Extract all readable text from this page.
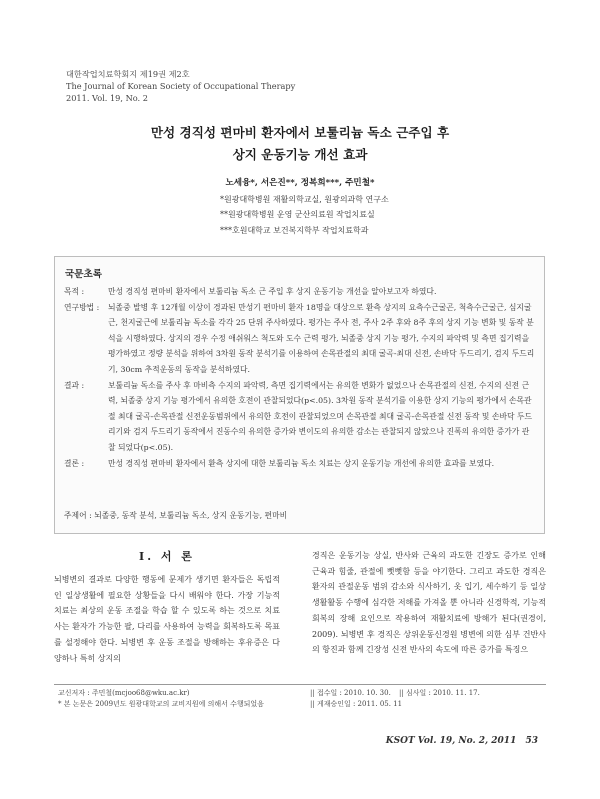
대한작업치료학회지 제19권 제2호
The Journal of Korean Society of Occupational Therapy
2011. Vol. 19, No. 2
만성 경직성 편마비 환자에서 보툴리늄 독소 근주입 후
상지 운동기능 개선 효과
노세융*, 서은진**, 정복희***, 주민철*
*원광대학병원 재활의학교실, 원광의과학 연구소
**원광대학병원 운영 군산의료원 작업치료실
***호원대학교 보건복지학부 작업치료학과
국문초록
목적 :	만성 경직성 편마비 환자에서 보툴리늄 독소 근 주입 후 상지 운동기능 개선을 알아보고자 하였다.
연구방법 : 뇌졸중 발병 후 12개월 이상이 경과된 만성기 편마비 환자 18명을 대상으로 환측 상지의 요측수근굴곤, 척측수근굴근, 심지굴근, 천지굴근에 보툴리늄 독소를 각각 25 단위 주사하였다. 평가는 주사 전, 주사 2주 후와 8주 후의 상지 기능 변화 및 동작 분석을 시행하였다. 상지의 경우 수정 애쉬워스 척도와 도수 근력 평가, 뇌졸중 상지 기능 평가, 수지의 파악력 및 측면 집기력을 평가하였고 정량 분석을 위하여 3차원 동작 분석기를 이용하여 손목관절의 최대 굴곡-최대 신전, 손바닥 두드리기, 검지 두드리기, 30cm 추적운동의 동작을 분석하였다.
결과 :	보툴리늄 독소를 주사 후 마비측 수지의 파악력, 측면 집기력에서는 유의한 변화가 없었으나 손목관절의 신전, 수지의 신전 근력, 뇌졸중 상지 기능 평가에서 유의한 호전이 관찰되었다(p<.05). 3차원 동작 분석기를 이용한 상지 기능의 평가에서 손목관절 최대 굴곡-손목관절 신전운동범위에서 유의한 호전이 관찰되었으며 손목관절 최대 굴곡-손목관절 신전 동작 및 손바닥 두드리기와 검지 두드리기 동작에서 진동수의 유의한 증가와 변이도의 유의한 감소는 관찰되지 않았으나 진폭의 유의한 증가가 관찰 되었다(p<.05).
결론 :	만성 경직성 편마비 환자에서 환측 상지에 대한 보툴리늄 독소 치료는 상지 운동기능 개선에 유의한 효과를 보였다.
주제어 : 뇌졸중, 동작 분석, 보툴리늄 독소, 상지 운동기능, 편마비
Ⅰ. 서 론
뇌병변의 결과로 다양한 행동에 문제가 생기면 환자들은 독립적인 일상생활에 필요한 상황들을 다시 배워야 한다. 가장 기능적 치료는 최상의 운동 조절을 학습 할 수 있도록 하는 것으로 치료사는 환자가 가능한 팔, 다리를 사용하여 능력을 회복하도록 목표를 설정해야 한다. 뇌병변 후 운동 조절을 방해하는 후유증은 다양하나 특히 상지의
경직은 운동기능 상실, 반사와 근육의 과도한 긴장도 증가로 인해 근육과 힘줄, 관절에 뻣뻣함 등을 야기한다. 그리고 과도한 경직은 환자의 관절운동 범위 감소와 식사하기, 옷 입기, 세수하기 등 일상생활활동 수행에 심각한 저해를 가져올 뿐 아니라 신경학적, 기능적 회복의 장해 요인으로 작용하여 재활치료에 방해가 된다(권경이, 2009). 뇌병변 후 경직은 상위운동신경원 병변에 의한 심부 건반사의 항진과 함께 긴장성 신전 반사의 속도에 따른 증가를 특징으
교신저자 : 주민철(mcjoo68@wku.ac.kr)
* 본 논문은 2009년도 원광대학교의 교비지원에 의해서 수행되었음
|| 접수일 : 2010. 10. 30. || 심사일 : 2010. 11. 17.
|| 게재승인일 : 2011. 05. 11
KSOT Vol. 19, No. 2, 2011 53
